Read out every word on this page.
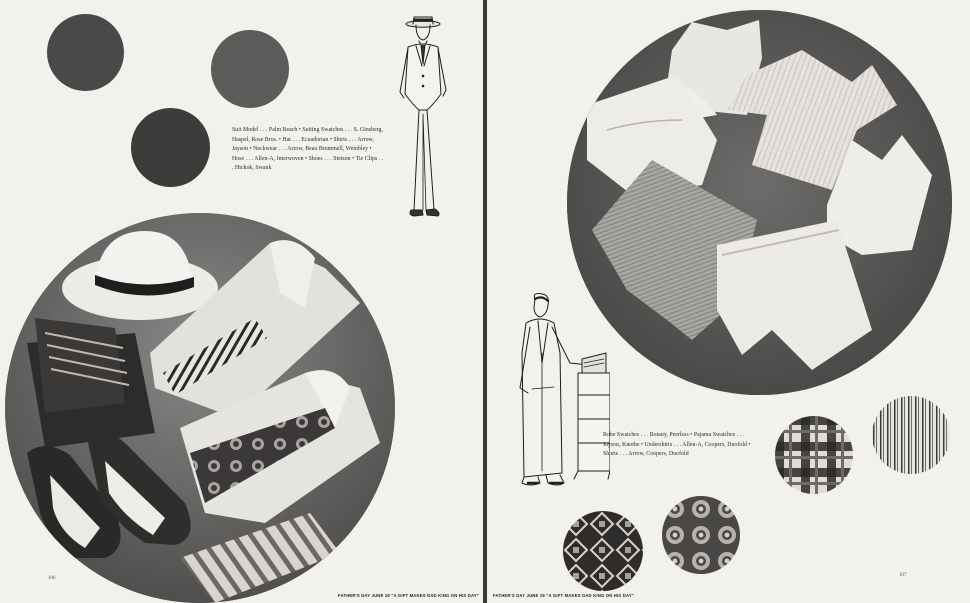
Suit Model . . . Palm Beach • Suiting Swatches . . . S. Ginsberg, Haspel, Rose Bros. • Hat . . . Ecuadorian • Shirts . . . Arrow, Jayson • Neckwear . . . Arrow, Beau Brummell, Wembley • Hose . . . Allen-A, Interwoven • Shoes . . . Stetson • Tie Clips . . . Hickok, Swank
106
FATHER'S DAY JUNE 19 "A GIFT MAKES DAD KING ON HIS DAY"
Robe Swatches . . . Botany, Peerless • Pajama Swatches . . . Jayson, Knothe • Undershirts . . . Allen-A, Coopers, Duofold • Shorts . . . Arrow, Coopers, Duofold
107
FATHER'S DAY JUNE 19 "A GIFT MAKES DAD KING ON HIS DAY"
